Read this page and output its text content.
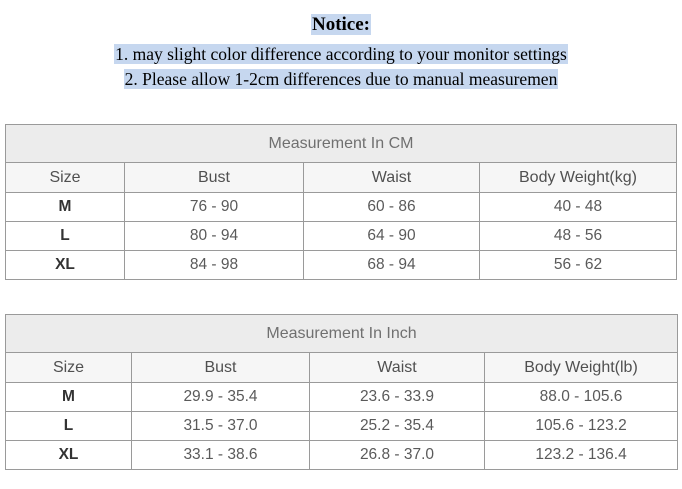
Notice:
1. may slight color difference according to your monitor settings
2. Please allow 1-2cm differences due to manual measuremen
Measurement In CM			
Size	Bust	Waist	Body Weight(kg)
M	76 - 90	60 - 86	40 - 48
L	80 - 94	64 - 90	48 - 56
XL	84 - 98	68 - 94	56 - 62
Measurement In Inch			
Size	Bust	Waist	Body Weight(lb)
M	29.9 - 35.4	23.6 - 33.9	88.0 - 105.6
L	31.5 - 37.0	25.2 - 35.4	105.6 - 123.2
XL	33.1 - 38.6	26.8 - 37.0	123.2 - 136.4
